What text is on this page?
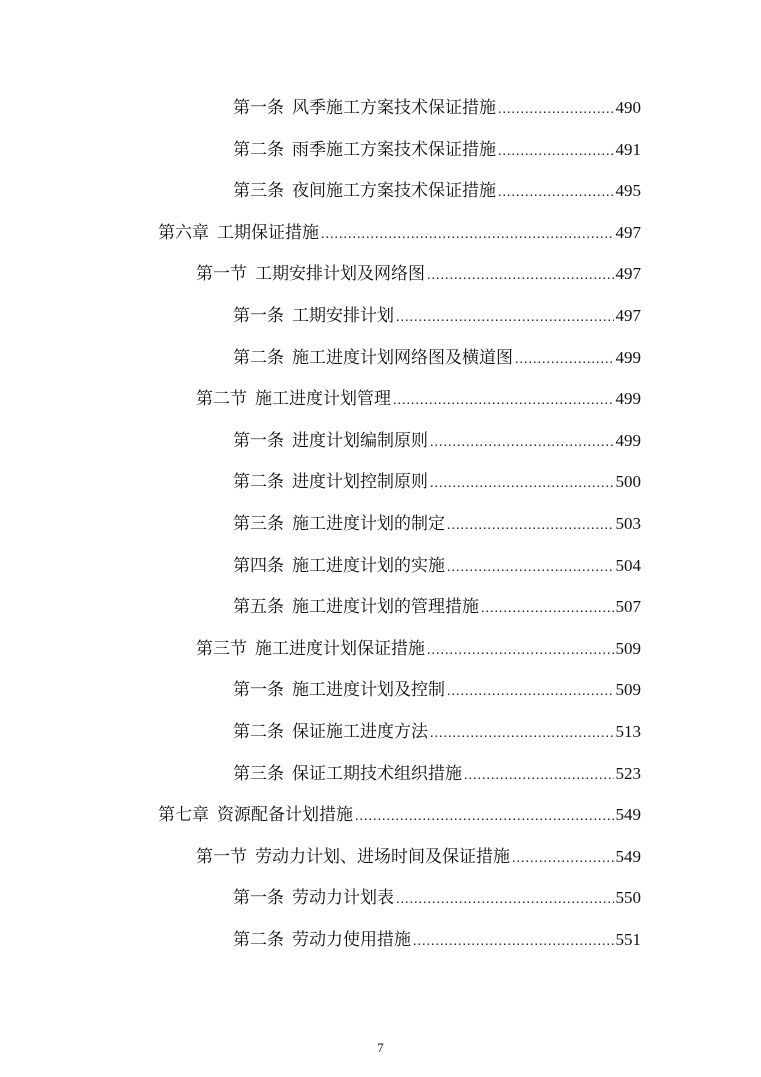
第一条 风季施工方案技术保证措施 .....	490
第二条 雨季施工方案技术保证措施 .....	491
第三条 夜间施工方案技术保证措施 .....	495
第六章 工期保证措施 .....	497
第一节 工期安排计划及网络图 .....	497
第一条 工期安排计划 .....	497
第二条 施工进度计划网络图及横道图 .....	499
第二节 施工进度计划管理 .....	499
第一条 进度计划编制原则 .....	499
第二条 进度计划控制原则 .....	500
第三条 施工进度计划的制定 .....	503
第四条 施工进度计划的实施 .....	504
第五条 施工进度计划的管理措施 .....	507
第三节 施工进度计划保证措施 .....	509
第一条 施工进度计划及控制 .....	509
第二条 保证施工进度方法 .....	513
第三条 保证工期技术组织措施 .....	523
第七章 资源配备计划措施 .....	549
第一节 劳动力计划、进场时间及保证措施 .....	549
第一条 劳动力计划表 .....	550
第二条 劳动力使用措施 .....	551
7
